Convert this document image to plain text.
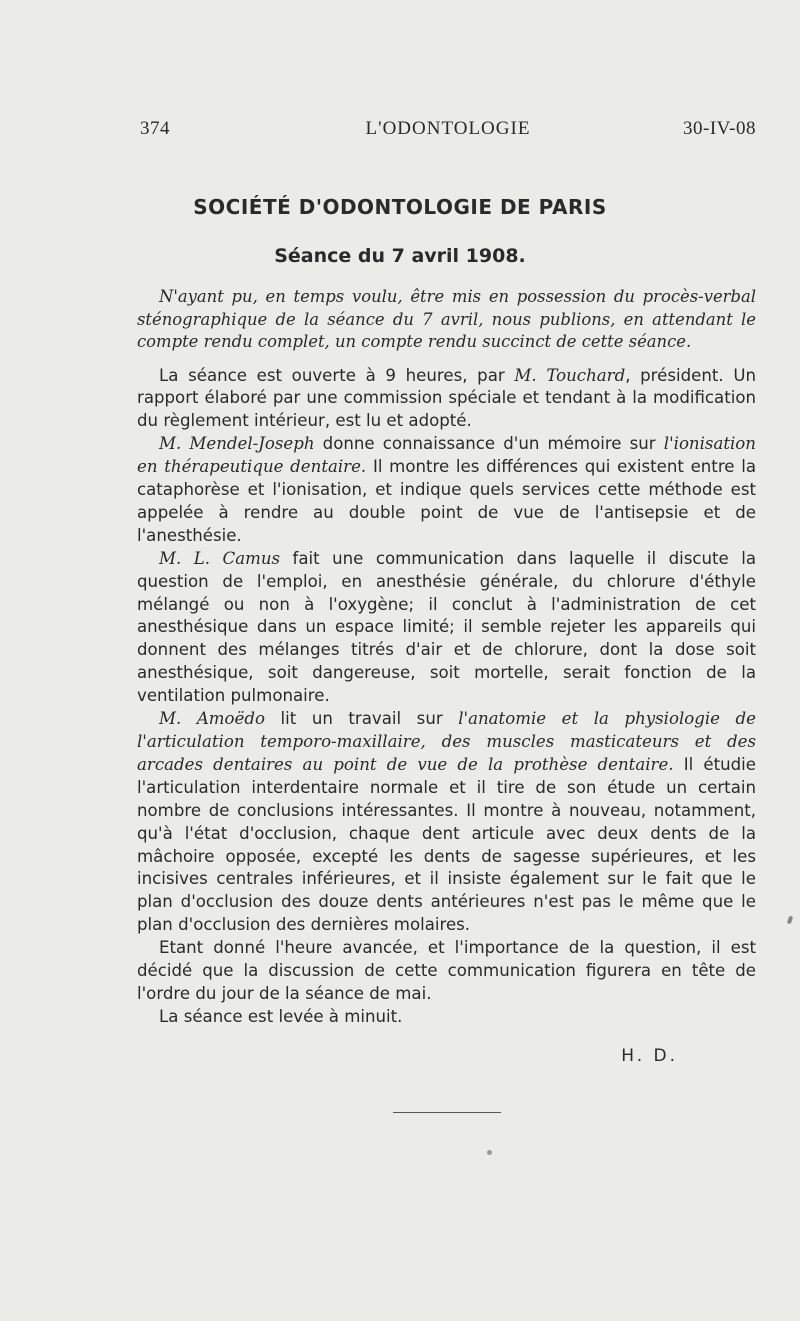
374	L'ODONTOLOGIE	30-IV-08
SOCIÉTÉ D'ODONTOLOGIE DE PARIS
Séance du 7 avril 1908.

N'ayant pu, en temps voulu, être mis en possession du procès-verbal sténographique de la séance du 7 avril, nous publions, en attendant le compte rendu complet, un compte rendu succinct de cette séance.

La séance est ouverte à 9 heures, par M. Touchard, président. Un rapport élaboré par une commission spéciale et tendant à la modification du règlement intérieur, est lu et adopté.

M. Mendel-Joseph donne connaissance d'un mémoire sur l'ionisation en thérapeutique dentaire. Il montre les différences qui existent entre la cataphorèse et l'ionisation, et indique quels services cette méthode est appelée à rendre au double point de vue de l'antisepsie et de l'anesthésie.

M. L. Camus fait une communication dans laquelle il discute la question de l'emploi, en anesthésie générale, du chlorure d'éthyle mélangé ou non à l'oxygène; il conclut à l'administration de cet anesthésique dans un espace limité; il semble rejeter les appareils qui donnent des mélanges titrés d'air et de chlorure, dont la dose soit anesthésique, soit dangereuse, soit mortelle, serait fonction de la ventilation pulmonaire.

M. Amoëdo lit un travail sur l'anatomie et la physiologie de l'articulation temporo-maxillaire, des muscles masticateurs et des arcades dentaires au point de vue de la prothèse dentaire. Il étudie l'articulation interdentaire normale et il tire de son étude un certain nombre de conclusions intéressantes. Il montre à nouveau, notamment, qu'à l'état d'occlusion, chaque dent articule avec deux dents de la mâchoire opposée, excepté les dents de sagesse supérieures, et les incisives centrales inférieures, et il insiste également sur le fait que le plan d'occlusion des douze dents antérieures n'est pas le même que le plan d'occlusion des dernières molaires.

Etant donné l'heure avancée, et l'importance de la question, il est décidé que la discussion de cette communication figurera en tête de l'ordre du jour de la séance de mai.

La séance est levée à minuit.

H. D.
